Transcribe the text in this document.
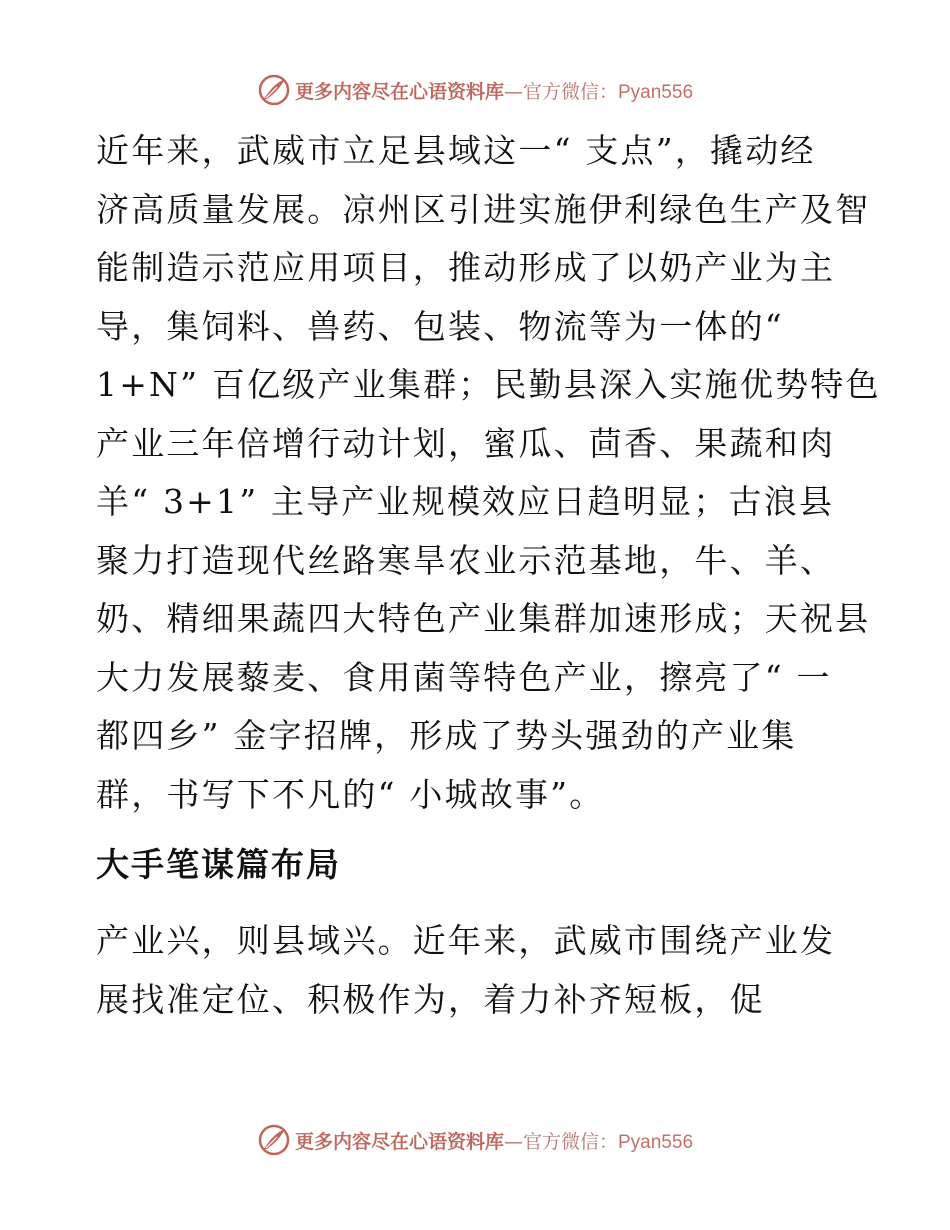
更多内容尽在心语资料库—官方微信：Pyan556

近年来，武威市立足县域这一“ 支点”，撬动经
济高质量发展。凉州区引进实施伊利绿色生产及智
能制造示范应用项目，推动形成了以奶产业为主
导，集饲料、兽药、包装、物流等为一体的“
1+N” 百亿级产业集群；民勤县深入实施优势特色
产业三年倍增行动计划，蜜瓜、茴香、果蔬和肉
羊“ 3+1” 主导产业规模效应日趋明显；古浪县
聚力打造现代丝路寒旱农业示范基地，牛、羊、
奶、精细果蔬四大特色产业集群加速形成；天祝县
大力发展藜麦、食用菌等特色产业，擦亮了“ 一
都四乡” 金字招牌，形成了势头强劲的产业集
群，书写下不凡的“ 小城故事”。

大手笔谋篇布局

产业兴，则县域兴。近年来，武威市围绕产业发
展找准定位、积极作为，着力补齐短板，促

更多内容尽在心语资料库—官方微信：Pyan556
